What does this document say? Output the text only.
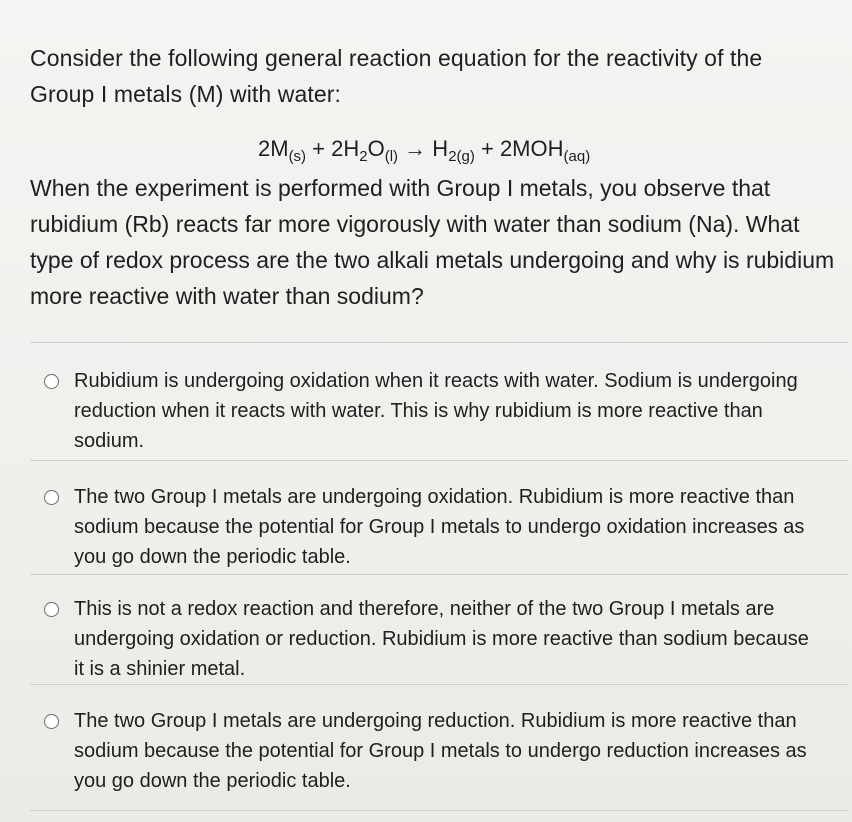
Consider the following general reaction equation for the reactivity of the Group I metals (M) with water:

$2M_{(s)} + 2H_2O_{(l)} \to H_{2(g)} + 2MOH_{(aq)}$
When the experiment is performed with Group I metals, you observe that rubidium (Rb) reacts far more vigorously with water than sodium (Na). What type of redox process are the two alkali metals undergoing and why is rubidium more reactive with water than sodium?
Rubidium is undergoing oxidation when it reacts with water. Sodium is undergoing reduction when it reacts with water. This is why rubidium is more reactive than sodium.
The two Group I metals are undergoing oxidation. Rubidium is more reactive than sodium because the potential for Group I metals to undergo oxidation increases as you go down the periodic table.
This is not a redox reaction and therefore, neither of the two Group I metals are undergoing oxidation or reduction. Rubidium is more reactive than sodium because it is a shinier metal.
The two Group I metals are undergoing reduction. Rubidium is more reactive than sodium because the potential for Group I metals to undergo reduction increases as you go down the periodic table.
